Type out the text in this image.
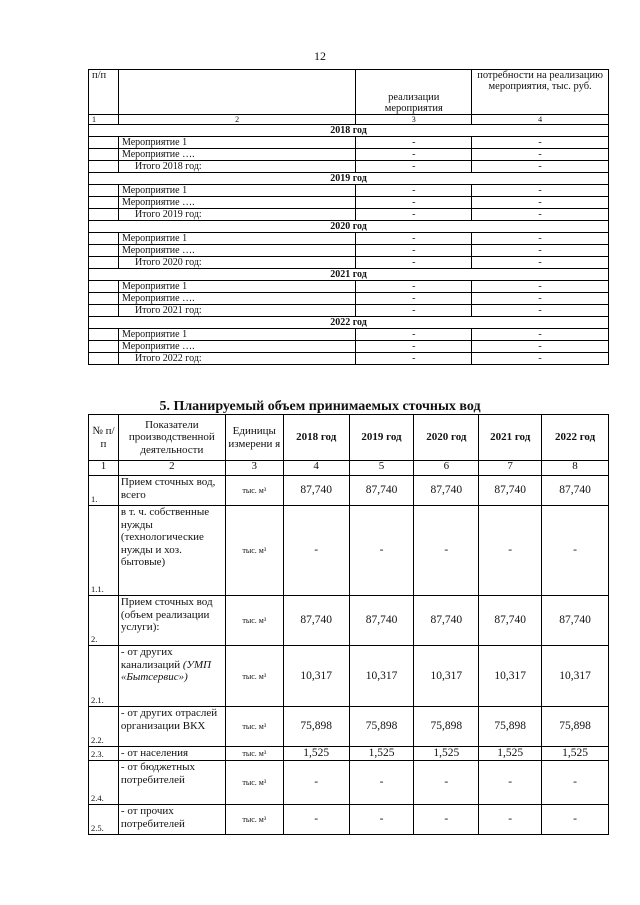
12
п/п		реализации мероприятия	потребности на реализацию мероприятия, тыс. руб.
1	2	3	4
2018 год			
	Мероприятие 1	-	-
	Мероприятие ….	-	-
	Итого 2018 год:	-	-
2019 год			
	Мероприятие 1	-	-
	Мероприятие ….	-	-
	Итого 2019 год:	-	-
2020 год			
	Мероприятие 1	-	-
	Мероприятие ….	-	-
	Итого 2020 год:	-	-
2021 год			
	Мероприятие 1	-	-
	Мероприятие ….	-	-
	Итого 2021 год:	-	-
2022 год			
	Мероприятие 1	-	-
	Мероприятие ….	-	-
	Итого 2022 год:	-	-
5. Планируемый объем принимаемых сточных вод
№ п/ п	Показатели производственной деятельности	Единицы измерени я	2018 год	2019 год	2020 год	2021 год	2022 год
1	2	3	4	5	6	7	8
1.	Прием сточных вод, всего	тыс. м³	87,740	87,740	87,740	87,740	87,740
1.1.	в т. ч. собственные нужды (технологические нужды и хоз. бытовые)	тыс. м³	-	-	-	-	-
2.	Прием сточных вод (объем реализации услуги):	тыс. м³	87,740	87,740	87,740	87,740	87,740
2.1.	- от других канализаций (УМП «Бытсервис»)	тыс. м³	10,317	10,317	10,317	10,317	10,317
2.2.	- от других отраслей организации ВКХ	тыс. м³	75,898	75,898	75,898	75,898	75,898
2.3.	- от населения	тыс. м³	1,525	1,525	1,525	1,525	1,525
2.4.	- от бюджетных потребителей	тыс. м³	-	-	-	-	-
2.5.	- от прочих потребителей	тыс. м³	-	-	-	-	-
